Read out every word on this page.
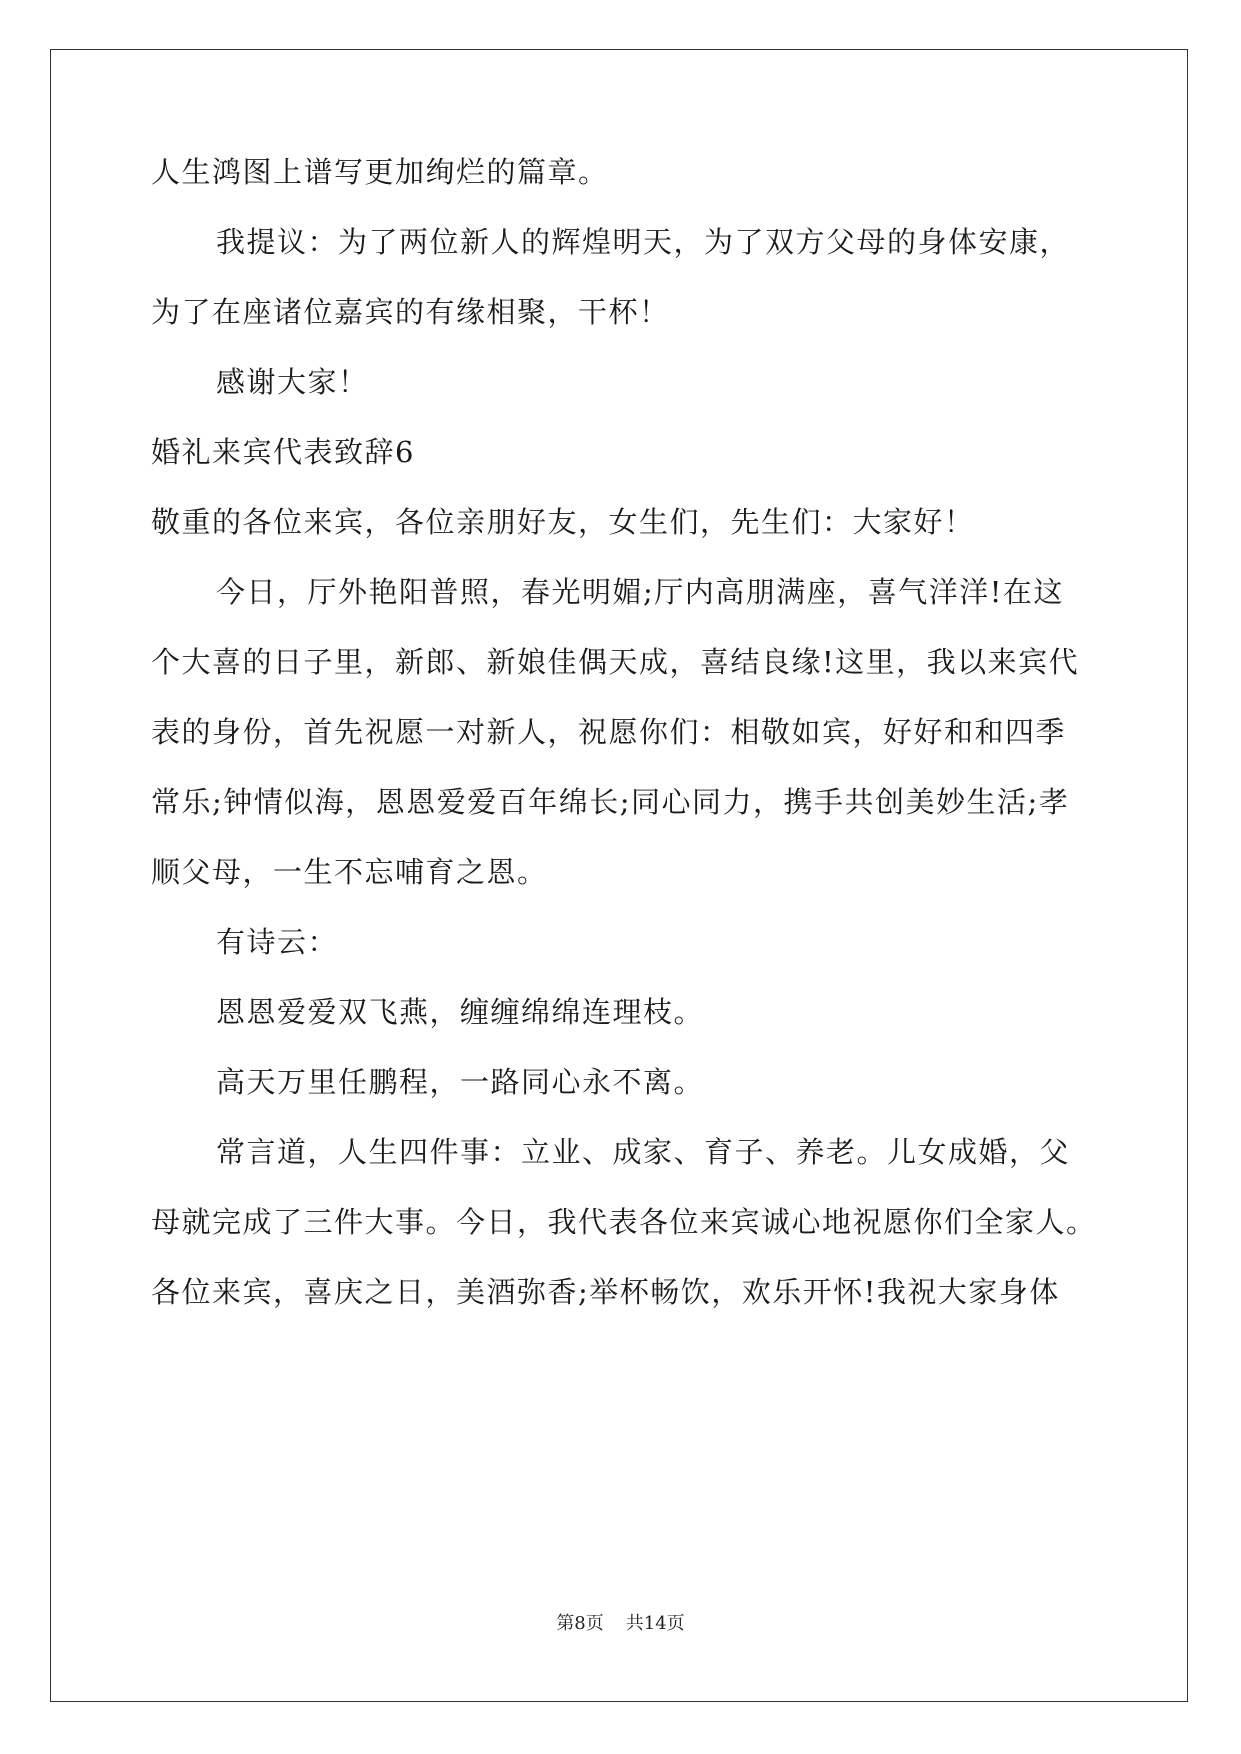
人生鸿图上谱写更加绚烂的篇章。
我提议：为了两位新人的辉煌明天，为了双方父母的身体安康，
为了在座诸位嘉宾的有缘相聚，干杯！
感谢大家！
婚礼来宾代表致辞6
敬重的各位来宾，各位亲朋好友，女生们，先生们：大家好！
今日，厅外艳阳普照，春光明媚;厅内高朋满座，喜气洋洋!在这
个大喜的日子里，新郎、新娘佳偶天成，喜结良缘!这里，我以来宾代
表的身份，首先祝愿一对新人，祝愿你们：相敬如宾，好好和和四季
常乐;钟情似海，恩恩爱爱百年绵长;同心同力，携手共创美妙生活;孝
顺父母，一生不忘哺育之恩。
有诗云：
恩恩爱爱双飞燕，缠缠绵绵连理枝。
高天万里任鹏程，一路同心永不离。
常言道，人生四件事：立业、成家、育子、养老。儿女成婚，父
母就完成了三件大事。今日，我代表各位来宾诚心地祝愿你们全家人。
各位来宾，喜庆之日，美酒弥香;举杯畅饮，欢乐开怀!我祝大家身体
第8页 共14页
